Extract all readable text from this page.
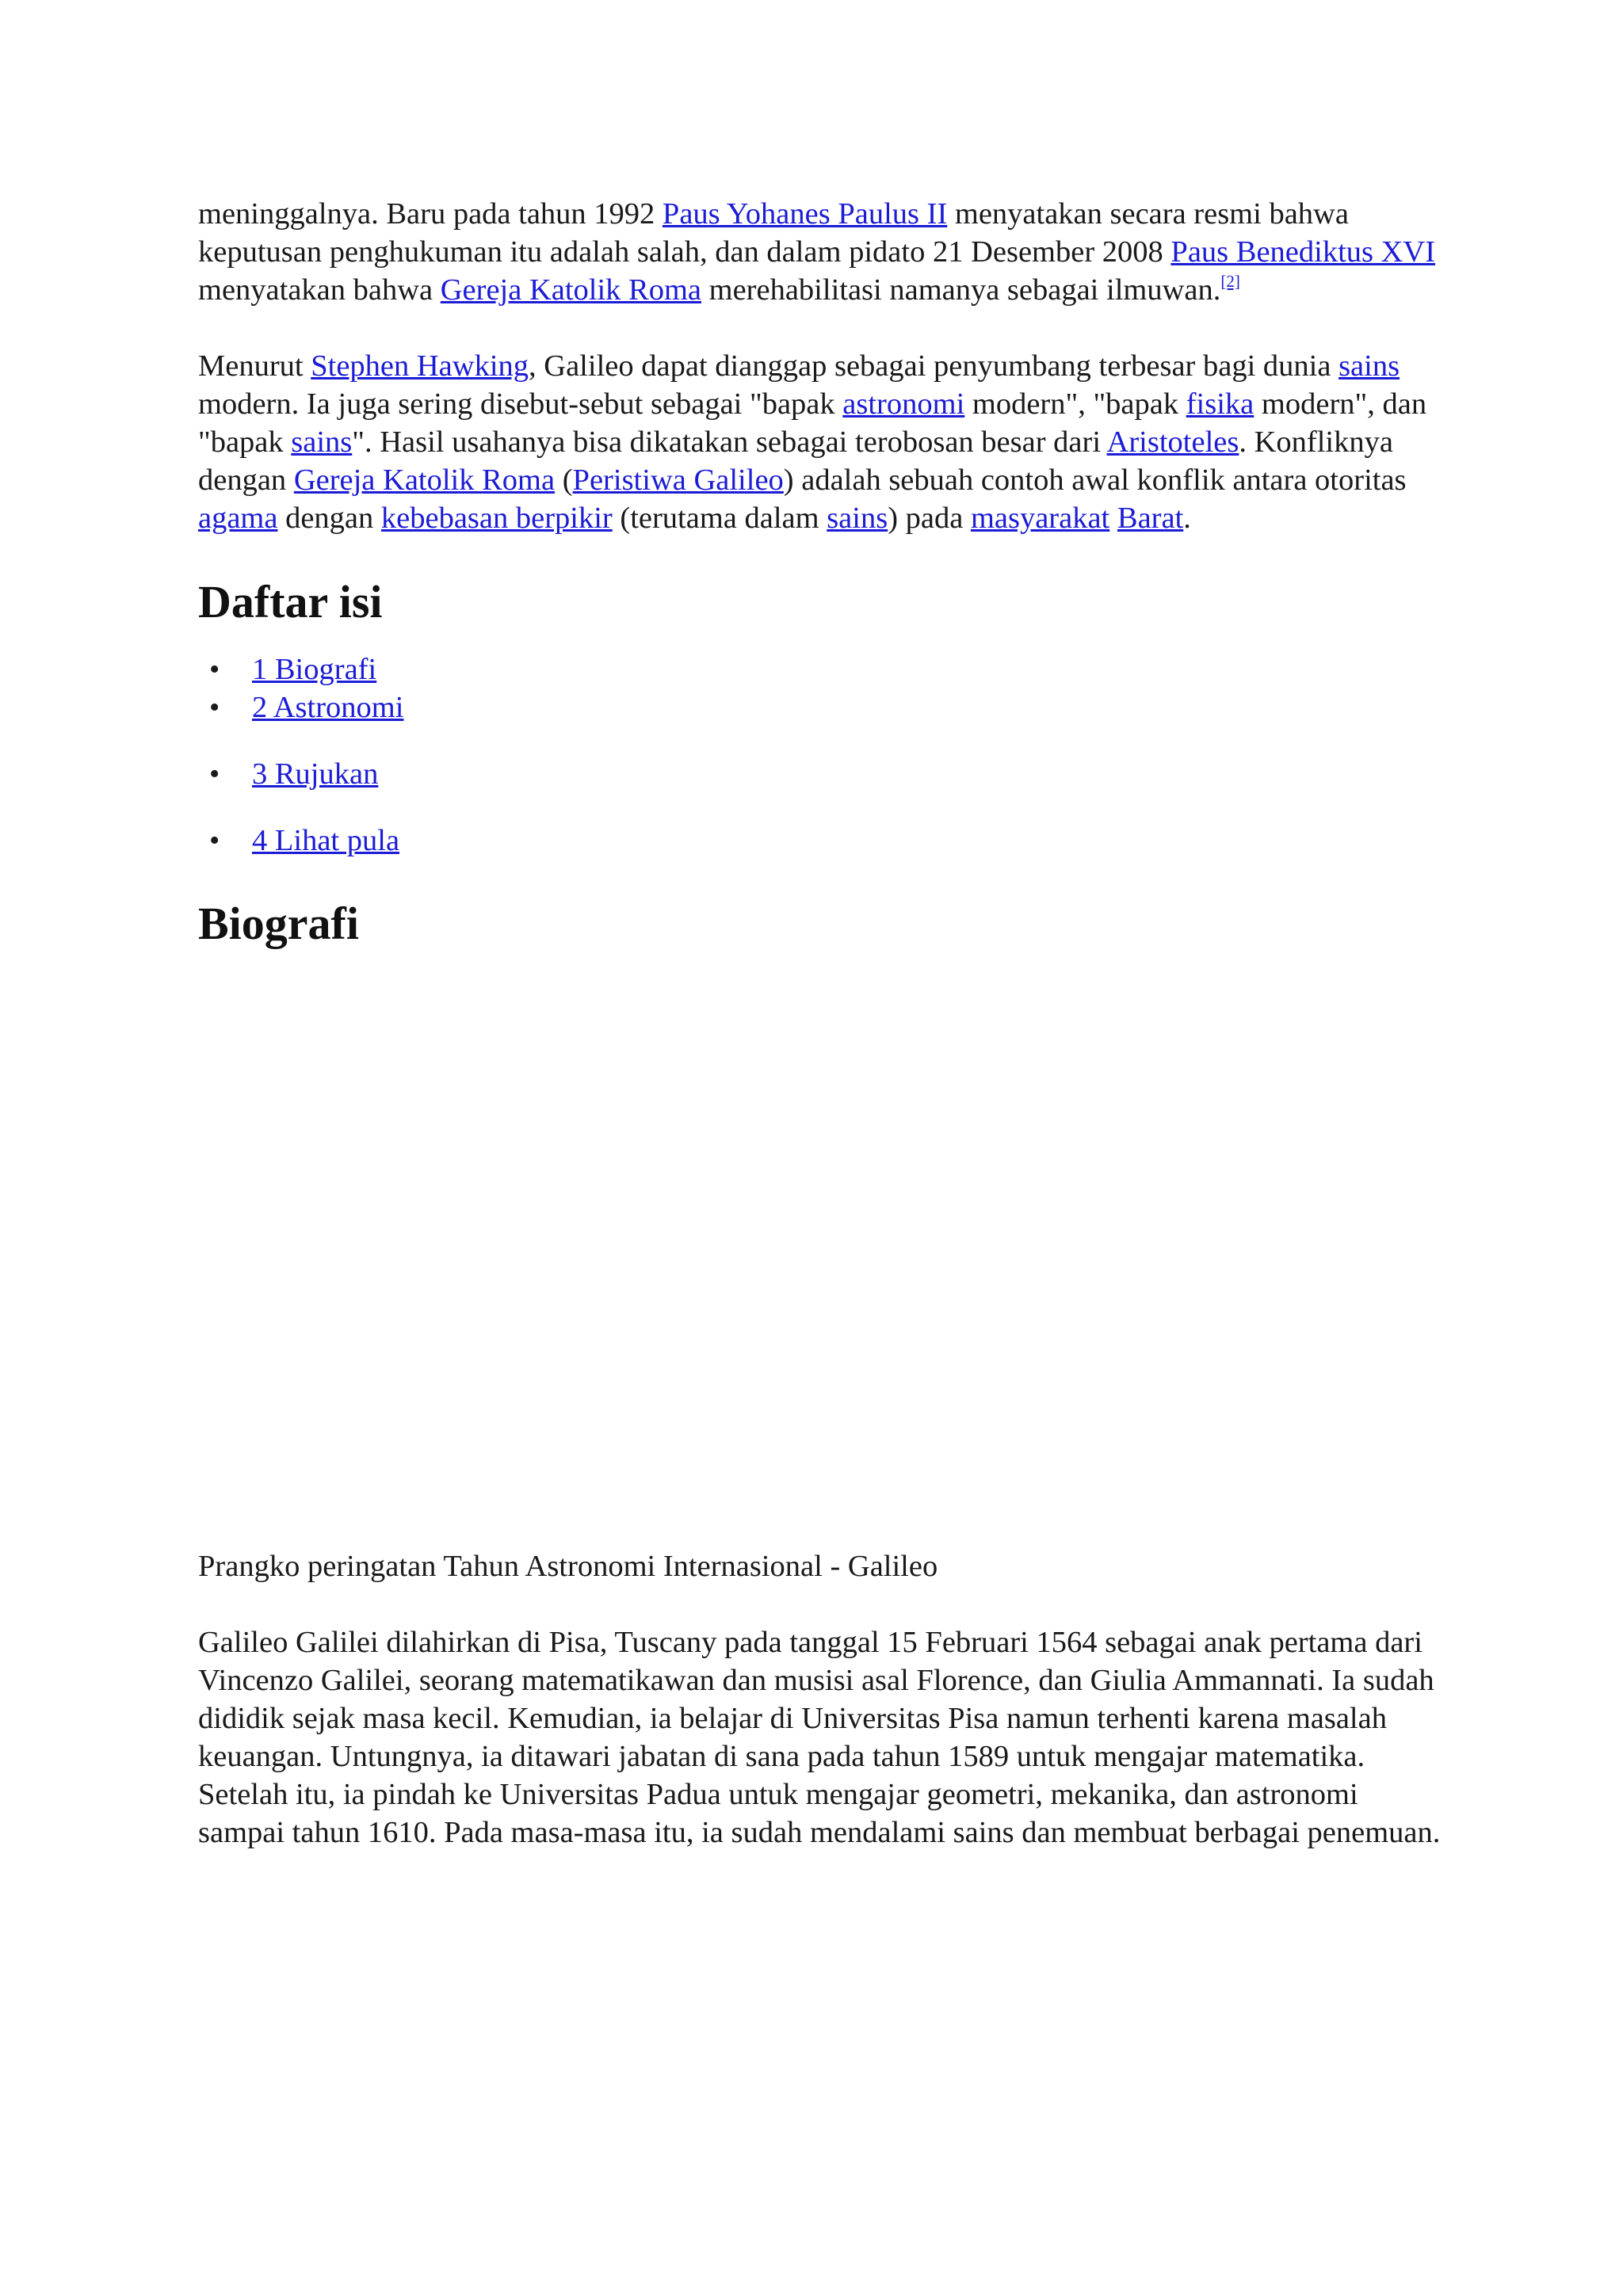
meninggalnya. Baru pada tahun 1992 Paus Yohanes Paulus II menyatakan secara resmi bahwa keputusan penghukuman itu adalah salah, dan dalam pidato 21 Desember 2008 Paus Benediktus XVI menyatakan bahwa Gereja Katolik Roma merehabilitasi namanya sebagai ilmuwan.[2]

Menurut Stephen Hawking, Galileo dapat dianggap sebagai penyumbang terbesar bagi dunia sains modern. Ia juga sering disebut-sebut sebagai "bapak astronomi modern", "bapak fisika modern", dan "bapak sains". Hasil usahanya bisa dikatakan sebagai terobosan besar dari Aristoteles. Konfliknya dengan Gereja Katolik Roma (Peristiwa Galileo) adalah sebuah contoh awal konflik antara otoritas agama dengan kebebasan berpikir (terutama dalam sains) pada masyarakat Barat.

Daftar isi
• 1 Biografi
• 2 Astronomi
• 3 Rujukan
• 4 Lihat pula
Biografi

Prangko peringatan Tahun Astronomi Internasional - Galileo

Galileo Galilei dilahirkan di Pisa, Tuscany pada tanggal 15 Februari 1564 sebagai anak pertama dari Vincenzo Galilei, seorang matematikawan dan musisi asal Florence, dan Giulia Ammannati. Ia sudah dididik sejak masa kecil. Kemudian, ia belajar di Universitas Pisa namun terhenti karena masalah keuangan. Untungnya, ia ditawari jabatan di sana pada tahun 1589 untuk mengajar matematika. Setelah itu, ia pindah ke Universitas Padua untuk mengajar geometri, mekanika, dan astronomi sampai tahun 1610. Pada masa-masa itu, ia sudah mendalami sains dan membuat berbagai penemuan.
